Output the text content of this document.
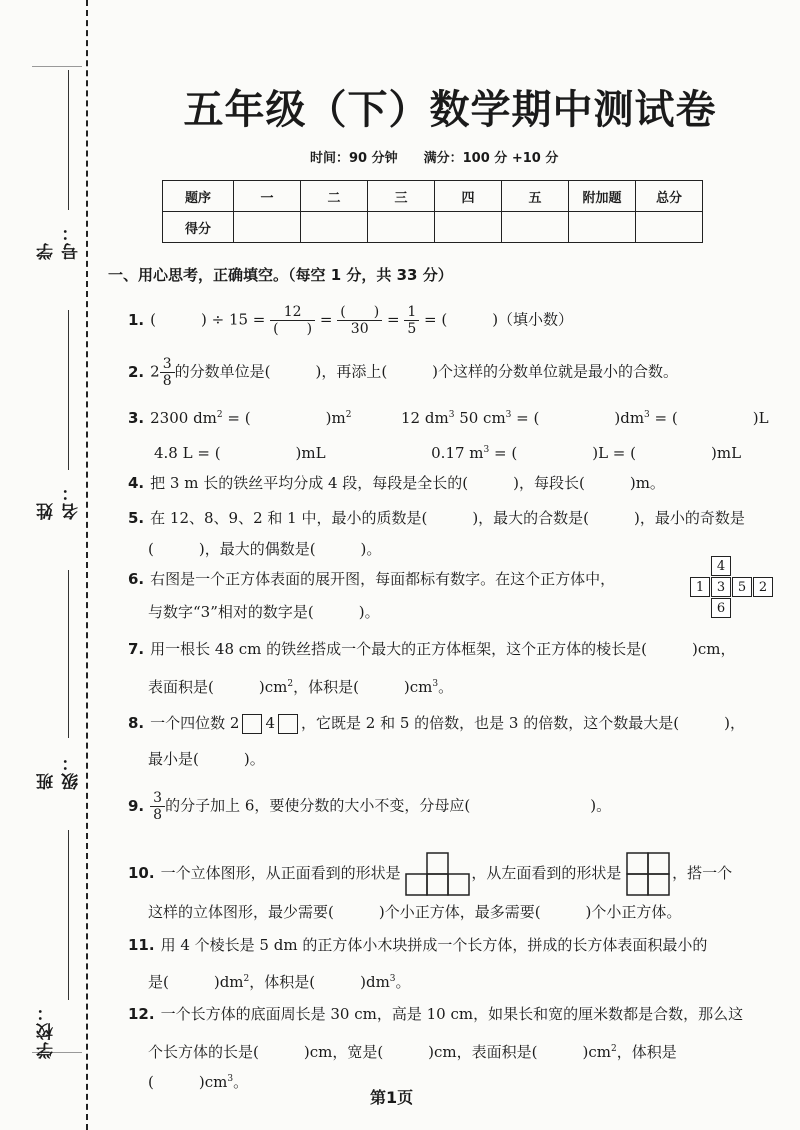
学号：
姓名：
班级：
学校：
五年级（下）数学期中测试卷
时间：90 分钟 满分：100 分 +10 分
题序	一	二	三	四	五	附加题	总分
得分							
一、用心思考，正确填空。（每空 1 分，共 33 分）
1. (　　　) ÷ $15 = \frac{12}{( )} = \frac{( )}{30} = \frac{1}{5}$ = (　　　)（填小数）
2. $2 \frac{3}{8}$ 的分数单位是(　　　)，再添上(　　　)个这样的分数单位就是最小的合数。
3. 2300 $dm^2$ = (　　　　　)$m^2$	12 $dm^3$ 50 $cm^3$ = (　　　　　)$dm^3$ = (　　　　　)L
4.8 L = (　　　　　)mL	0.17 $m^3$ = (　　　　　)L = (　　　　　)mL
4. 把 3 m 长的铁丝平均分成 4 段，每段是全长的(　　　)，每段长(　　　)m。
5. 在 12、8、9、2 和 1 中，最小的质数是(　　　)，最大的合数是(　　　)，最小的奇数是
(　　　)，最大的偶数是(　　　)。
6. 右图是一个正方体表面的展开图，每面都标有数字。在这个正方体中，
与数字“3”相对的数字是(　　　)。
4
1 3 5 2
6
7. 用一根长 48 cm 的铁丝搭成一个最大的正方体框架，这个正方体的棱长是(　　　)cm，
表面积是(　　　)$cm^2$，体积是(　　　)$cm^3$。
8. 一个四位数 2 4 ，它既是 2 和 5 的倍数，也是 3 的倍数，这个数最大是(　　　)，
最小是(　　　)。
9. $\frac{3}{8}$ 的分子加上 6，要使分数的大小不变，分母应(　　　　　　　　)。
10. 一个立体图形，从正面看到的形状是	，从左面看到的形状是	，搭一个
这样的立体图形，最少需要(　　　)个小正方体，最多需要(　　　)个小正方体。
11. 用 4 个棱长是 5 dm 的正方体小木块拼成一个长方体，拼成的长方体表面积最小的
是(　　　)$dm^2$，体积是(　　　)$dm^3$。
12. 一个长方体的底面周长是 30 cm，高是 10 cm，如果长和宽的厘米数都是合数，那么这
个长方体的长是(　　　)cm，宽是(　　　)cm，表面积是(　　　)$cm^2$，体积是
(　　　)$cm^3$。
第1页
